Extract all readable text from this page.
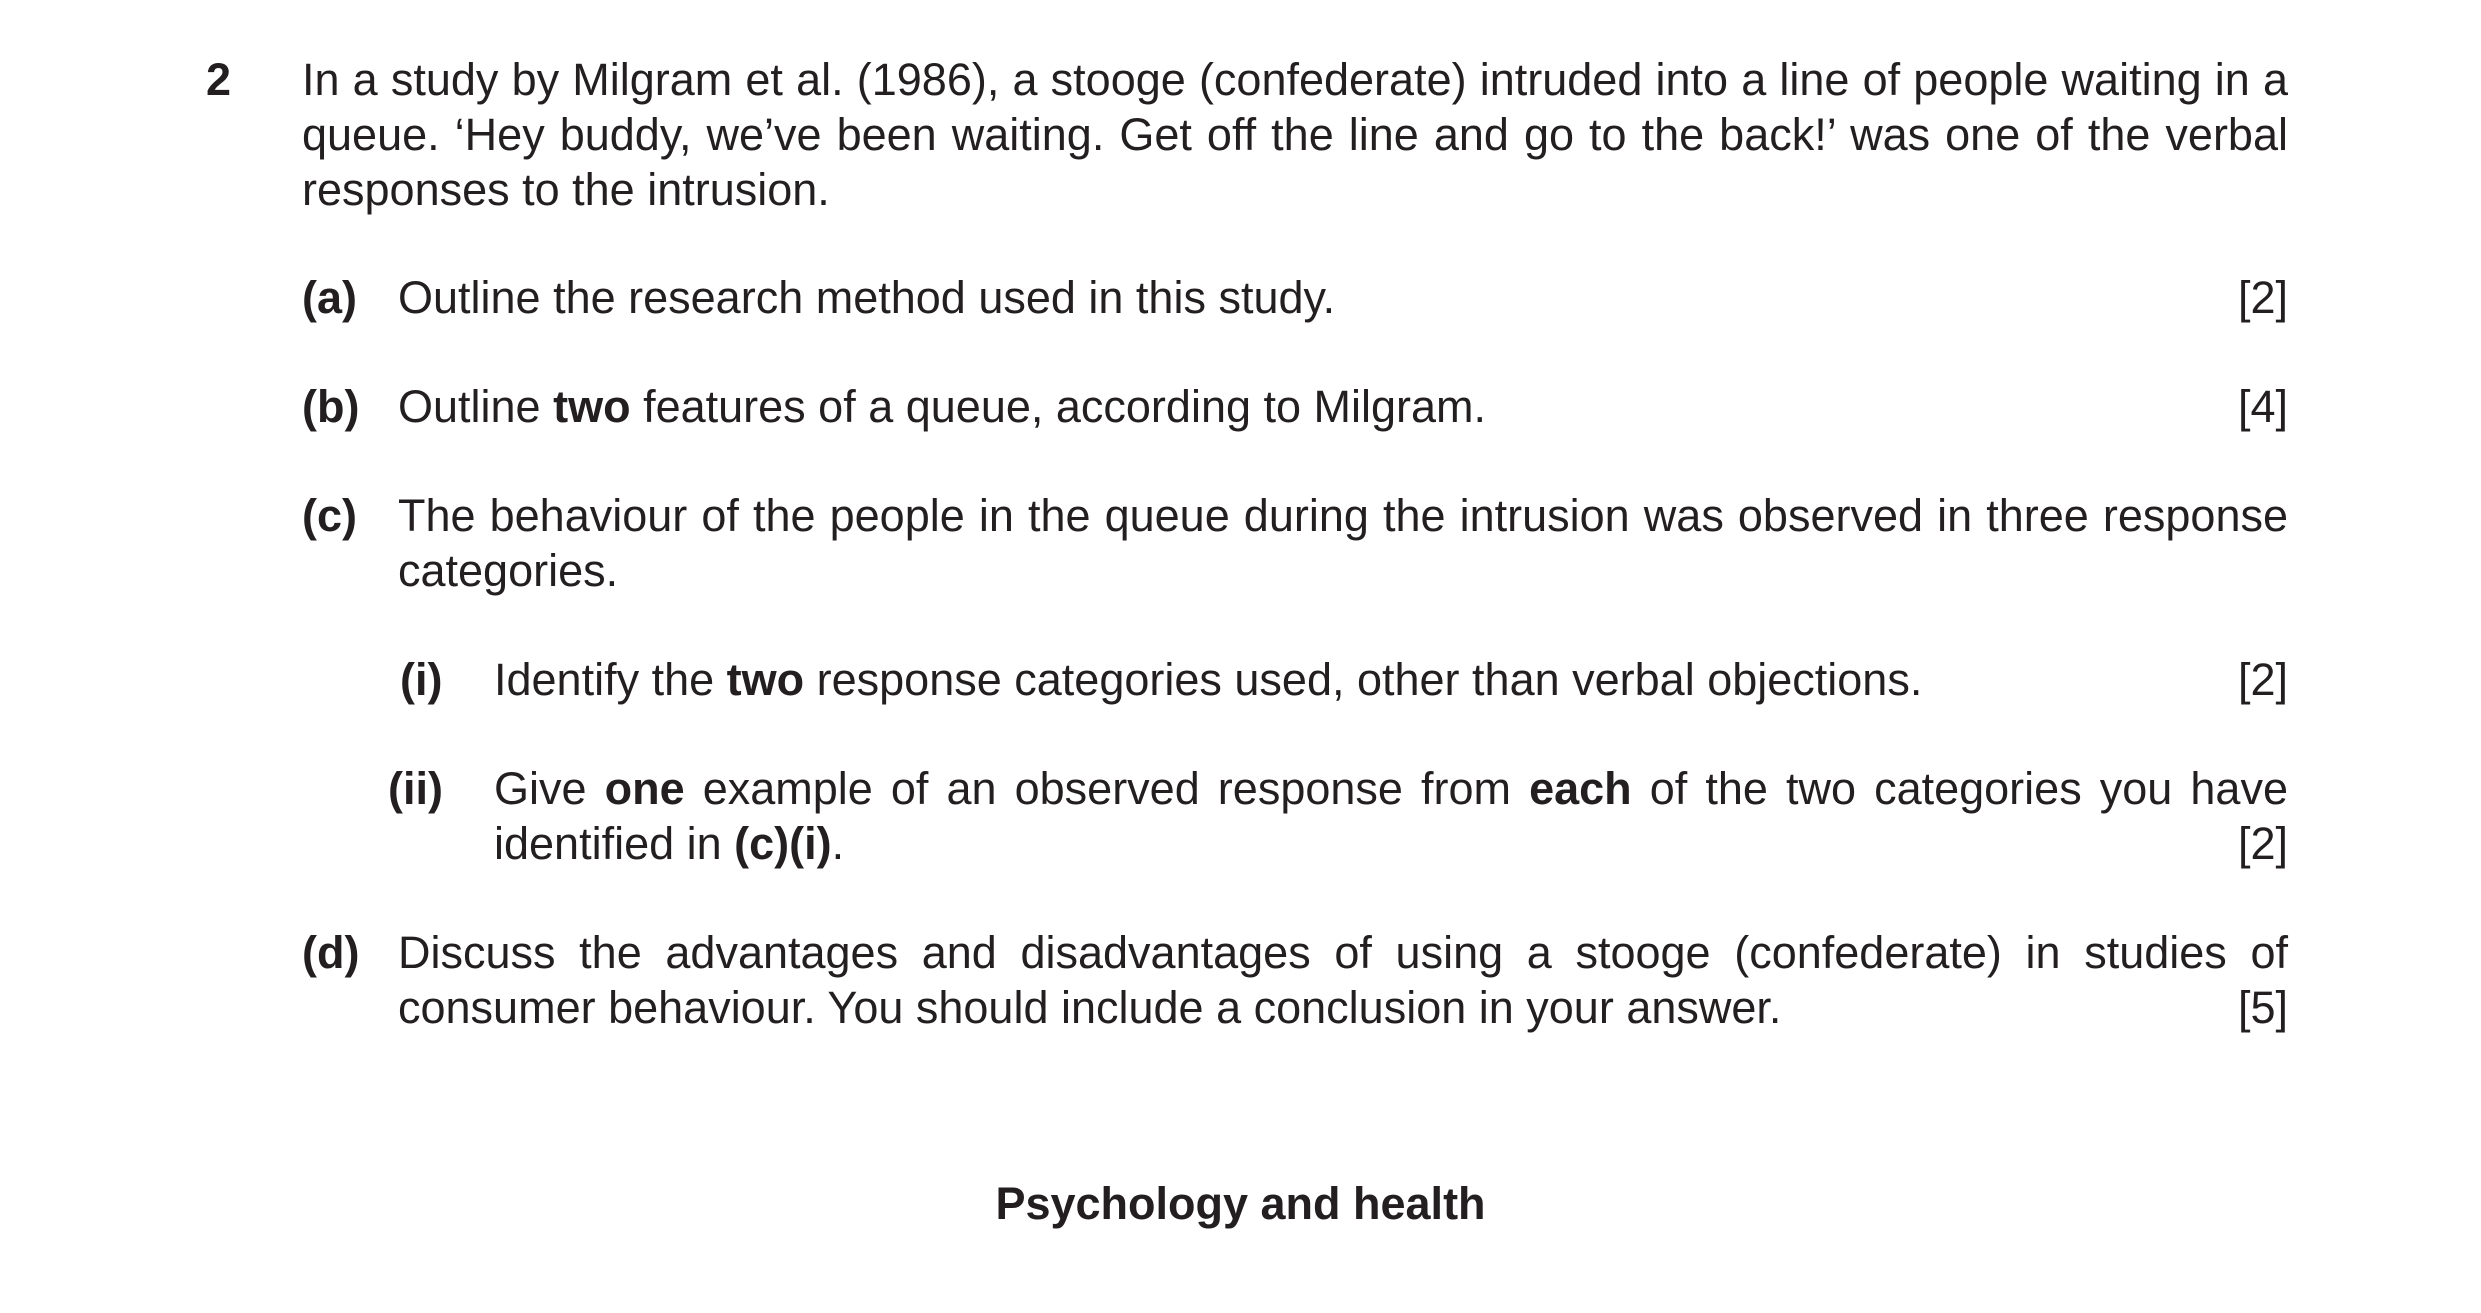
2 In a study by Milgram et al. (1986), a stooge (confederate) intruded into a line of people waiting in a queue. ‘Hey buddy, we’ve been waiting. Get off the line and go to the back!’ was one of the verbal responses to the intrusion.
(a) Outline the research method used in this study.	[2]
(b) Outline two features of a queue, according to Milgram.	[4]
(c) The behaviour of the people in the queue during the intrusion was observed in three response categories.
(i) Identify the two response categories used, other than verbal objections.	[2]
(ii) Give one example of an observed response from each of the two categories you have identified in (c)(i).	[2]
(d) Discuss the advantages and disadvantages of using a stooge (confederate) in studies of consumer behaviour. You should include a conclusion in your answer.	[5]
Psychology and health
